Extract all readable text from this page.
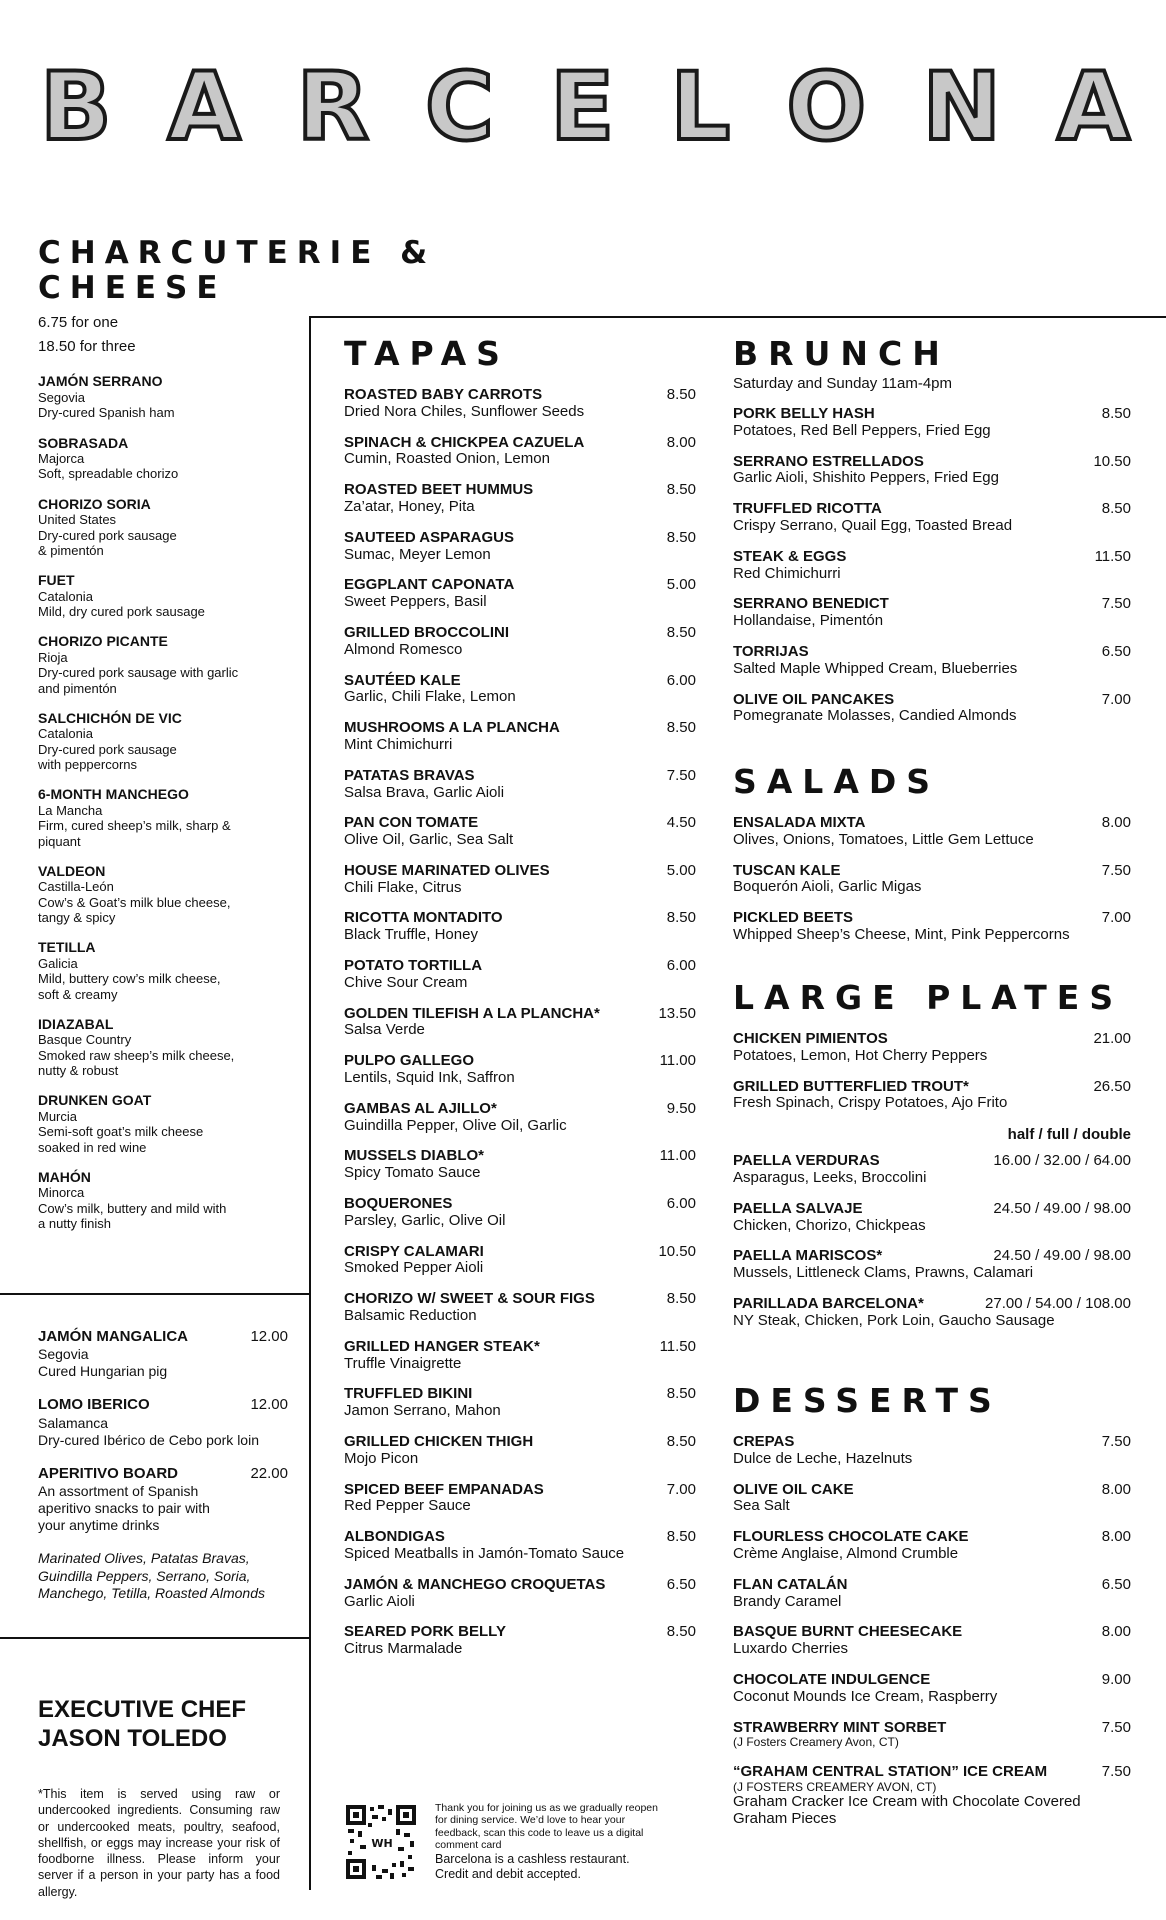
B A R C E L O N A
CHARCUTERIE &
CHEESE
6.75 for one
18.50 for three
JAMÓN SERRANO
Segovia
Dry-cured Spanish ham
SOBRASADA
Majorca
Soft, spreadable chorizo
CHORIZO SORIA
United States
Dry-cured pork sausage
& pimentón
FUET
Catalonia
Mild, dry cured pork sausage
CHORIZO PICANTE
Rioja
Dry-cured pork sausage with garlic
and pimentón
SALCHICHÓN DE VIC
Catalonia
Dry-cured pork sausage
with peppercorns
6-MONTH MANCHEGO
La Mancha
Firm, cured sheep’s milk, sharp &
piquant
VALDEON
Castilla-León
Cow’s & Goat’s milk blue cheese,
tangy & spicy
TETILLA
Galicia
Mild, buttery cow’s milk cheese,
soft & creamy
IDIAZABAL
Basque Country
Smoked raw sheep’s milk cheese,
nutty & robust
DRUNKEN GOAT
Murcia
Semi-soft goat’s milk cheese
soaked in red wine
MAHÓN
Minorca
Cow’s milk, buttery and mild with
a nutty finish
JAMÓN MANGALICA	12.00
Segovia
Cured Hungarian pig
LOMO IBERICO	12.00
Salamanca
Dry-cured Ibérico de Cebo pork loin
APERITIVO BOARD	22.00
An assortment of Spanish
aperitivo snacks to pair with
your anytime drinks
Marinated Olives, Patatas Bravas,
Guindilla Peppers, Serrano, Soria,
Manchego, Tetilla, Roasted Almonds
EXECUTIVE CHEF
JASON TOLEDO
*This item is served using raw or undercooked ingredients. Consuming raw or undercooked meats, poultry, seafood, shellfish, or eggs may increase your risk of foodborne illness. Please inform your server if a person in your party has a food allergy.
TAPAS
ROASTED BABY CARROTS	8.50
Dried Nora Chiles, Sunflower Seeds
SPINACH & CHICKPEA CAZUELA	8.00
Cumin, Roasted Onion, Lemon
ROASTED BEET HUMMUS	8.50
Za’atar, Honey, Pita
SAUTEED ASPARAGUS	8.50
Sumac, Meyer Lemon
EGGPLANT CAPONATA	5.00
Sweet Peppers, Basil
GRILLED BROCCOLINI	8.50
Almond Romesco
SAUTÉED KALE	6.00
Garlic, Chili Flake, Lemon
MUSHROOMS A LA PLANCHA	8.50
Mint Chimichurri
PATATAS BRAVAS	7.50
Salsa Brava, Garlic Aioli
PAN CON TOMATE	4.50
Olive Oil, Garlic, Sea Salt
HOUSE MARINATED OLIVES	5.00
Chili Flake, Citrus
RICOTTA MONTADITO	8.50
Black Truffle, Honey
POTATO TORTILLA	6.00
Chive Sour Cream
GOLDEN TILEFISH A LA PLANCHA*	13.50
Salsa Verde
PULPO GALLEGO	11.00
Lentils, Squid Ink, Saffron
GAMBAS AL AJILLO*	9.50
Guindilla Pepper, Olive Oil, Garlic
MUSSELS DIABLO*	11.00
Spicy Tomato Sauce
BOQUERONES	6.00
Parsley, Garlic, Olive Oil
CRISPY CALAMARI	10.50
Smoked Pepper Aioli
CHORIZO W/ SWEET & SOUR FIGS	8.50
Balsamic Reduction
GRILLED HANGER STEAK*	11.50
Truffle Vinaigrette
TRUFFLED BIKINI	8.50
Jamon Serrano, Mahon
GRILLED CHICKEN THIGH	8.50
Mojo Picon
SPICED BEEF EMPANADAS	7.00
Red Pepper Sauce
ALBONDIGAS	8.50
Spiced Meatballs in Jamón-Tomato Sauce
JAMÓN & MANCHEGO CROQUETAS	6.50
Garlic Aioli
SEARED PORK BELLY	8.50
Citrus Marmalade
BRUNCH
Saturday and Sunday 11am-4pm
PORK BELLY HASH	8.50
Potatoes, Red Bell Peppers, Fried Egg
SERRANO ESTRELLADOS	10.50
Garlic Aioli, Shishito Peppers, Fried Egg
TRUFFLED RICOTTA	8.50
Crispy Serrano, Quail Egg, Toasted Bread
STEAK & EGGS	11.50
Red Chimichurri
SERRANO BENEDICT	7.50
Hollandaise, Pimentón
TORRIJAS	6.50
Salted Maple Whipped Cream, Blueberries
OLIVE OIL PANCAKES	7.00
Pomegranate Molasses, Candied Almonds
SALADS
ENSALADA MIXTA	8.00
Olives, Onions, Tomatoes, Little Gem Lettuce
TUSCAN KALE	7.50
Boquerón Aioli, Garlic Migas
PICKLED BEETS	7.00
Whipped Sheep’s Cheese, Mint, Pink Peppercorns
LARGE PLATES
CHICKEN PIMIENTOS	21.00
Potatoes, Lemon, Hot Cherry Peppers
GRILLED BUTTERFLIED TROUT*	26.50
Fresh Spinach, Crispy Potatoes, Ajo Frito
half / full / double
PAELLA VERDURAS	16.00 / 32.00 / 64.00
Asparagus, Leeks, Broccolini
PAELLA SALVAJE	24.50 / 49.00 / 98.00
Chicken, Chorizo, Chickpeas
PAELLA MARISCOS*	24.50 / 49.00 / 98.00
Mussels, Littleneck Clams, Prawns, Calamari
PARILLADA BARCELONA*	27.00 / 54.00 / 108.00
NY Steak, Chicken, Pork Loin, Gaucho Sausage
DESSERTS
CREPAS	7.50
Dulce de Leche, Hazelnuts
OLIVE OIL CAKE	8.00
Sea Salt
FLOURLESS CHOCOLATE CAKE	8.00
Crème Anglaise, Almond Crumble
FLAN CATALÁN	6.50
Brandy Caramel
BASQUE BURNT CHEESECAKE	8.00
Luxardo Cherries
CHOCOLATE INDULGENCE	9.00
Coconut Mounds Ice Cream, Raspberry
STRAWBERRY MINT SORBET	7.50
(J Fosters Creamery Avon, CT)
“GRAHAM CENTRAL STATION” ICE CREAM	7.50
(J FOSTERS CREAMERY AVON, CT)
Graham Cracker Ice Cream with Chocolate Covered Graham Pieces
WH
Thank you for joining us as we gradually reopen for dining service. We’d love to hear your feedback, scan this code to leave us a digital comment card
Barcelona is a cashless restaurant.
Credit and debit accepted.
